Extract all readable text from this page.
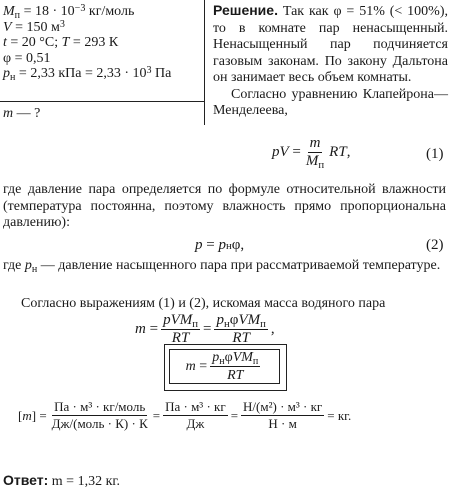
$M_п = 18 \cdot 10^{-3}$ кг/моль
V = 150 $м^3$
t = 20 °C; T = 293 К
φ = 0,51
$p_н = 2,33$ кПа = $2,33 \cdot 10^3$ Па
m — ?
Решение. Так как φ = 51% (< 100%), то в комнате пар ненасыщенный. Ненасыщенный пар подчиняется газовым законам. По закону Дальтона он занимает весь объем комнаты.
Согласно уравнению Клапейрона—Менделеева,
pV = $\frac{m}{M_п}$ RT ,	(1)
где давление пара определяется по формуле относительной влажности (температура постоянна, поэтому влажность прямо пропорциональна давлению):
p = p н φ,	(2)
где $p_н$ — давление насыщенного пара при рассматриваемой температуре.
Согласно выражениям (1) и (2), искомая масса водяного пара
$m = \frac{pVM_п}{RT} = \frac{p_н\varphi VM_п}{RT}$ ,
$m = \frac{p_н\varphi VM_п}{RT}$
[ m ] = $\frac{\text{Па · м³ · кг/моль}}{\text{Дж/(моль · К) · К}} = \frac{\text{Па · м³ · кг}}{Дж} = \frac{\text{Н/(м²) · м³ · кг}}{Н \cdot м}$ = кг.
Ответ: m = 1,32 кг.
